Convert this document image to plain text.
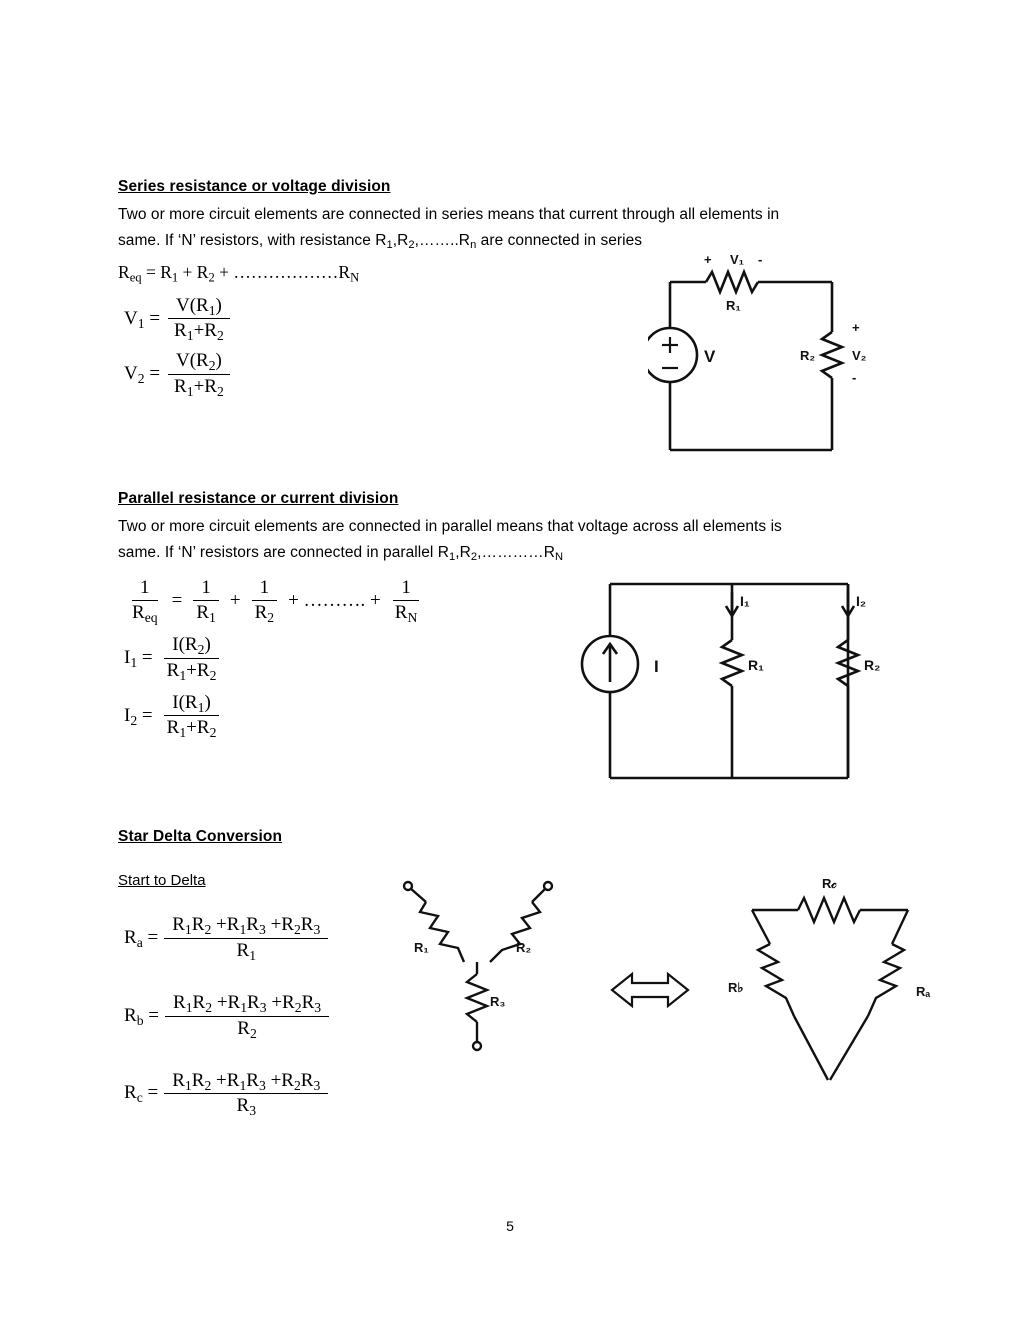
Series resistance or voltage division

Two or more circuit elements are connected in series means that current through all elements in
same. If ‘N’ resistors, with resistance $R_1,R_2,\dots\dots..R_n$ are connected in series

$R_{eq} = R_1 + R_2$ + $\dots\dots\dots\dots\dots\dots R_N$
$V_1 = \frac{V(R_1)}{R_1+R_2}$
$V_2 = \frac{V(R_2)}{R_1+R_2}$
+ V₁ -
R₁
R₂
+
V₂
-
V
Parallel resistance or current division

Two or more circuit elements are connected in parallel means that voltage across all elements is
same. If ‘N’ resistors are connected in parallel $R_1,R_2,\dots\dots\dots\dots R_N$

$\frac{1}{R_{eq}} = \frac{1}{R_1} + \frac{1}{R_2}$ + ………. + $\frac{1}{R_N}$
$I_1 = \frac{I(R_2)}{R_1+R_2}$
$I_2 = \frac{I(R_1)}{R_1+R_2}$
I	R₁	R₂
I₁	I₂
Star Delta Conversion
Start to Delta
$R_a = \frac{R_1R_2 +R_1R_3 +R_2R_3}{R_1}$
$R_b = \frac{R_1R_2 +R_1R_3 +R_2R_3}{R_2}$
$R_c = \frac{R_1R_2 +R_1R_3 +R_2R_3}{R_3}$
R₁	R₂
R₃
R𝒸
R♭	Rₐ
5
